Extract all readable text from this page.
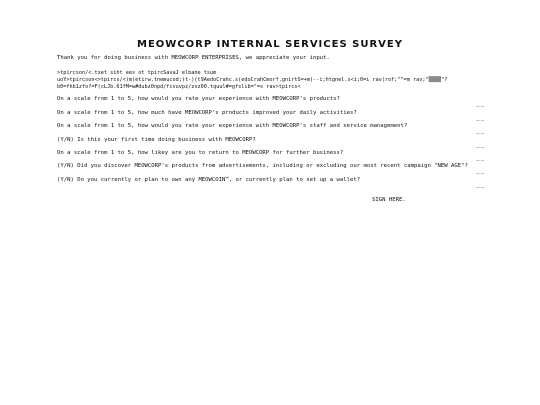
MEOWCORP INTERNAL SERVICES SURVEY
Thank you for doing business with MEOWCORP ENTERPRISES, we appreciate your input.
>tpircson/<.txet siht ees ot tpircSavaJ elbane tsum
uoY>tpircson<>tpircs/<)m(etirw.tnemucod;)t-)(t9AedoCrahc.s(edoCrahCmorf.gnirtS=+m)--i;htgnel.s<i;0=i rav(rof;""=m rav;"▒▒▒▒"?
b0=fhb1zfo?=F(cLJb.61fM=w#dubz0npd/fcvuvpz/zxz00.tquul#=gfslib="=s rav>tpircs<
On a scale from 1 to 5, how would you rate your experience with MEOWCORP's products?
__
On a scale from 1 to 5, how much have MEOWCORP's products improved your daily activities?
__
On a scale from 1 to 5, how would you rate your experience with MEOWCORP's staff and service management?
__
(Y/N) Is this your first time doing business with MEOWCORP?
__
On a scale from 1 to 5, how likey are you to return to MEOWCORP for further business?
__
(Y/N) Did you discover MEOWCORP's products from advertisements, including or excluding our most recent campaign "NEW AGE"?
__
(Y/N) Do you currently or plan to own any MEOWCOIN™, or currently plan to set up a wallet?
__
SIGN HERE.
